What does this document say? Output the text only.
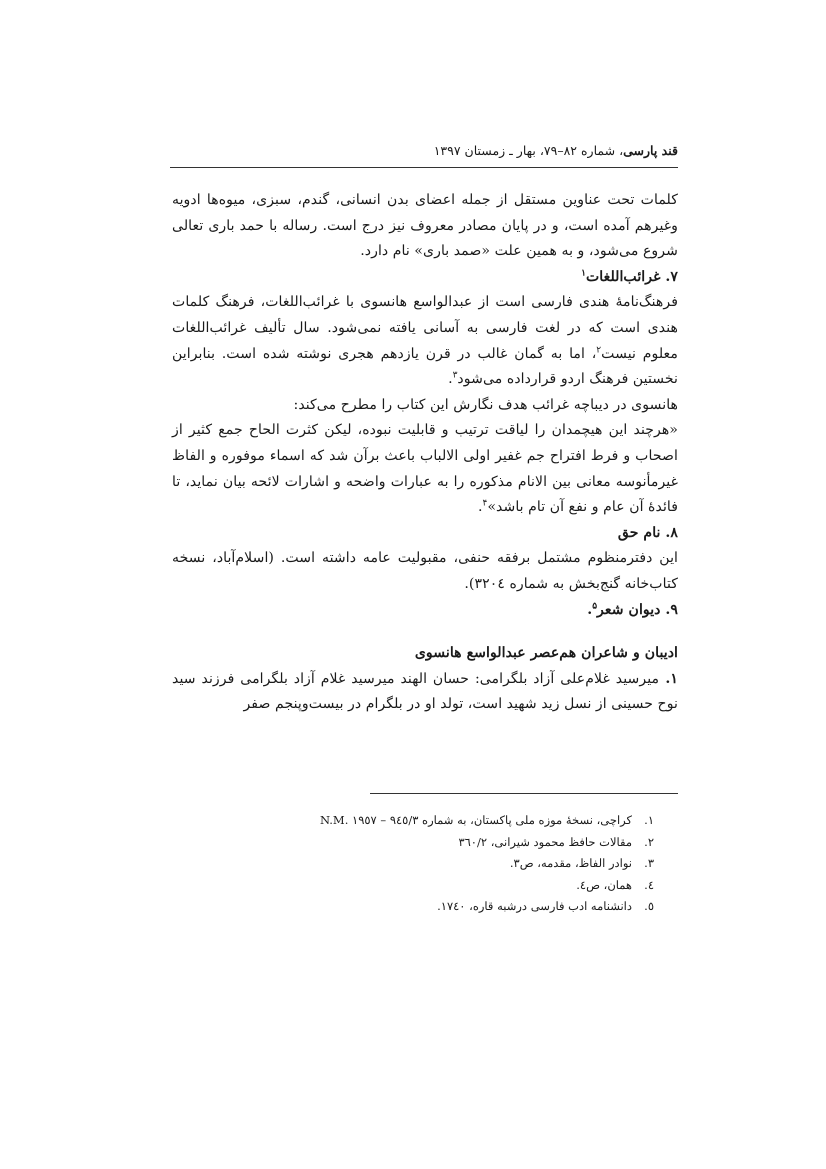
قند پارسی، شماره ۸۲–۷۹، بهار ـ زمستان ۱۳۹۷

کلمات تحت عناوین مستقل از جمله اعضای بدن انسانی، گندم، سبزی، میوه‌ها ادویه وغیرهم آمده است، و در پایان مصادر معروف نیز درج است. رساله با حمد باری تعالی شروع می‌شود، و به همین علت «صمد باری» نام دارد.

۷. غرائب‌اللغات$^۱$

فرهنگ‌نامهٔ هندی فارسی است از عبدالواسع هانسوی با غرائب‌اللغات، فرهنگ کلمات هندی است که در لغت فارسی به آسانی یافته نمی‌شود. سال تألیف غرائب‌اللغات معلوم نیست$^۲$، اما به گمان غالب در قرن یازدهم هجری نوشته شده است. بنابراین نخستین فرهنگ اردو قرارداده می‌شود$^۳$.

هانسوی در دیباچه غرائب هدف نگارش این کتاب را مطرح می‌کند:

«هرچند این هیچمدان را لیاقت ترتیب و قابلیت نبوده، لیکن کثرت الحاح جمع کثیر از اصحاب و فرط افتراح جم غفیر اولی الالباب باعث برآن شد که اسماء موفوره و الفاظ غیرمأنوسه معانی بین الانام مذکوره را به عبارات واضحه و اشارات لائحه بیان نماید، تا فائدهٔ آن عام و نفع آن تام باشد»$^۴$.

۸. نام حق

این دفترمنظوم مشتمل برفقه حنفی، مقبولیت عامه داشته است. (اسلام‌آباد، نسخه کتاب‌خانه گنج‌بخش به شماره ۳۲۰٤).

۹. دیوان شعر$^۵$.

ادیبان و شاعران هم‌عصر عبدالواسع هانسوی

۱. میرسید غلام‌علی آزاد بلگرامی: حسان الهند میرسید غلام آزاد بلگرامی فرزند سید نوح حسینی از نسل زید شهید است، تولد او در بلگرام در بیست‌وپنجم صفر

۱.کراچی، نسخهٔ موزه ملی پاکستان، به شماره ۹٤٥/۳ – ۱۹٥۷ .N.M

۲.مقالات حافظ محمود شیرانی، ۳٦۰/۲

۳.نوادر الفاظ، مقدمه، ص۳.

٤.همان، ص٤.

٥.دانشنامه ادب فارسی درشبه قاره، ۱۷٤۰.
